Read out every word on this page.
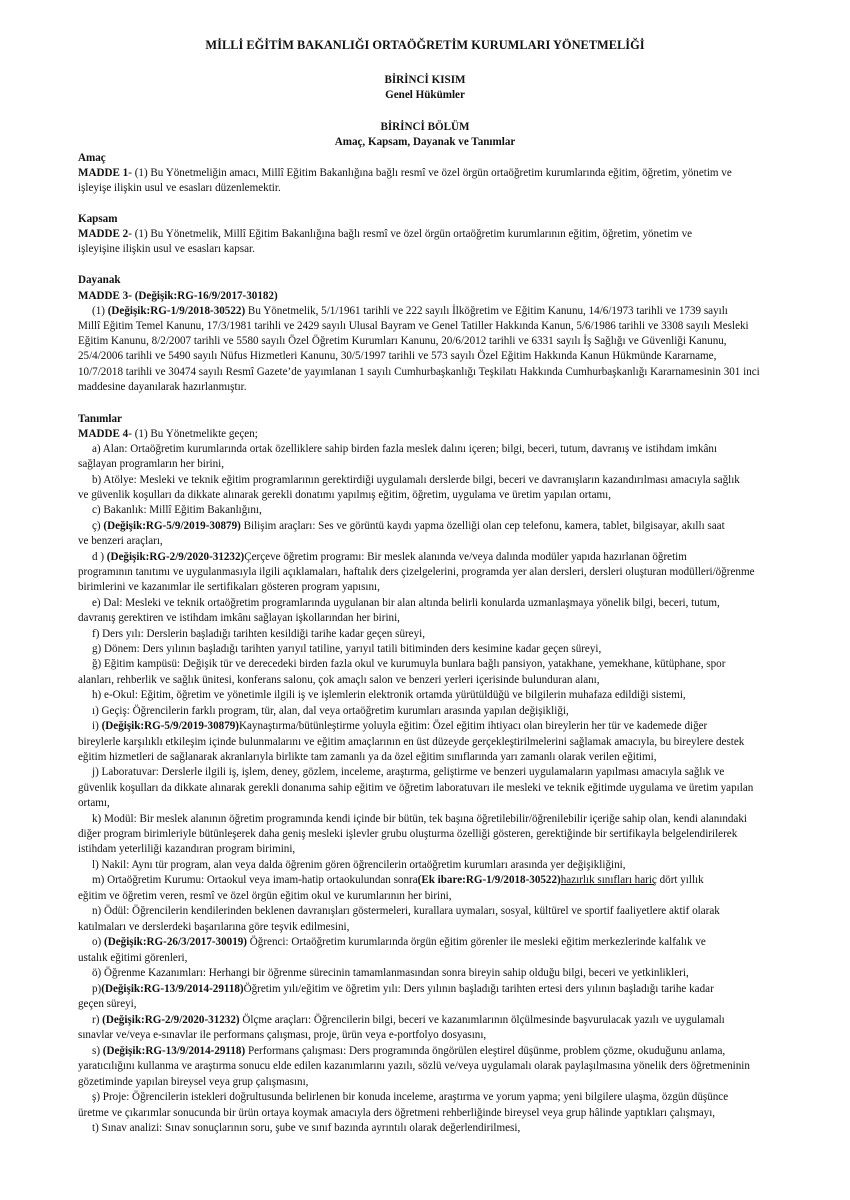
MİLLİ EĞİTİM BAKANLIĞI ORTAÖĞRETİM KURUMLARI YÖNETMELİĞİ
BİRİNCİ KISIM
Genel Hükümler
BİRİNCİ BÖLÜM
Amaç, Kapsam, Dayanak ve Tanımlar
Amaç
MADDE 1- (1) Bu Yönetmeliğin amacı, Millî Eğitim Bakanlığına bağlı resmî ve özel örgün ortaöğretim kurumlarında eğitim, öğretim, yönetim ve
işleyişe ilişkin usul ve esasları düzenlemektir.
Kapsam
MADDE 2- (1) Bu Yönetmelik, Millî Eğitim Bakanlığına bağlı resmî ve özel örgün ortaöğretim kurumlarının eğitim, öğretim, yönetim ve
işleyişine ilişkin usul ve esasları kapsar.
Dayanak
MADDE 3- (Değişik:RG-16/9/2017-30182)
(1) (Değişik:RG-1/9/2018-30522) Bu Yönetmelik, 5/1/1961 tarihli ve 222 sayılı İlköğretim ve Eğitim Kanunu, 14/6/1973 tarihli ve 1739 sayılı
Millî Eğitim Temel Kanunu, 17/3/1981 tarihli ve 2429 sayılı Ulusal Bayram ve Genel Tatiller Hakkında Kanun, 5/6/1986 tarihli ve 3308 sayılı Mesleki
Eğitim Kanunu, 8/2/2007 tarihli ve 5580 sayılı Özel Öğretim Kurumları Kanunu, 20/6/2012 tarihli ve 6331 sayılı İş Sağlığı ve Güvenliği Kanunu,
25/4/2006 tarihli ve 5490 sayılı Nüfus Hizmetleri Kanunu, 30/5/1997 tarihli ve 573 sayılı Özel Eğitim Hakkında Kanun Hükmünde Kararname,
10/7/2018 tarihli ve 30474 sayılı Resmî Gazete’de yayımlanan 1 sayılı Cumhurbaşkanlığı Teşkilatı Hakkında Cumhurbaşkanlığı Kararnamesinin 301 inci
maddesine dayanılarak hazırlanmıştır.
Tanımlar
MADDE 4- (1) Bu Yönetmelikte geçen;
a) Alan: Ortaöğretim kurumlarında ortak özelliklere sahip birden fazla meslek dalını içeren; bilgi, beceri, tutum, davranış ve istihdam imkânı
sağlayan programların her birini,
b) Atölye: Mesleki ve teknik eğitim programlarının gerektirdiği uygulamalı derslerde bilgi, beceri ve davranışların kazandırılması amacıyla sağlık
ve güvenlik koşulları da dikkate alınarak gerekli donatımı yapılmış eğitim, öğretim, uygulama ve üretim yapılan ortamı,
c) Bakanlık: Millî Eğitim Bakanlığını,
ç) (Değişik:RG-5/9/2019-30879) Bilişim araçları: Ses ve görüntü kaydı yapma özelliği olan cep telefonu, kamera, tablet, bilgisayar, akıllı saat
ve benzeri araçları,
d ) (Değişik:RG-2/9/2020-31232)Çerçeve öğretim programı: Bir meslek alanında ve/veya dalında modüler yapıda hazırlanan öğretim
programının tanıtımı ve uygulanmasıyla ilgili açıklamaları, haftalık ders çizelgelerini, programda yer alan dersleri, dersleri oluşturan modülleri/öğrenme
birimlerini ve kazanımlar ile sertifikaları gösteren program yapısını,
e) Dal: Mesleki ve teknik ortaöğretim programlarında uygulanan bir alan altında belirli konularda uzmanlaşmaya yönelik bilgi, beceri, tutum,
davranış gerektiren ve istihdam imkânı sağlayan işkollarından her birini,
f) Ders yılı: Derslerin başladığı tarihten kesildiği tarihe kadar geçen süreyi,
g) Dönem: Ders yılının başladığı tarihten yarıyıl tatiline, yarıyıl tatili bitiminden ders kesimine kadar geçen süreyi,
ğ) Eğitim kampüsü: Değişik tür ve derecedeki birden fazla okul ve kurumuyla bunlara bağlı pansiyon, yatakhane, yemekhane, kütüphane, spor
alanları, rehberlik ve sağlık ünitesi, konferans salonu, çok amaçlı salon ve benzeri yerleri içerisinde bulunduran alanı,
h) e-Okul: Eğitim, öğretim ve yönetimle ilgili iş ve işlemlerin elektronik ortamda yürütüldüğü ve bilgilerin muhafaza edildiği sistemi,
ı) Geçiş: Öğrencilerin farklı program, tür, alan, dal veya ortaöğretim kurumları arasında yapılan değişikliği,
i) (Değişik:RG-5/9/2019-30879)Kaynaştırma/bütünleştirme yoluyla eğitim: Özel eğitim ihtiyacı olan bireylerin her tür ve kademede diğer
bireylerle karşılıklı etkileşim içinde bulunmalarını ve eğitim amaçlarının en üst düzeyde gerçekleştirilmelerini sağlamak amacıyla, bu bireylere destek
eğitim hizmetleri de sağlanarak akranlarıyla birlikte tam zamanlı ya da özel eğitim sınıflarında yarı zamanlı olarak verilen eğitimi,
j) Laboratuvar: Derslerle ilgili iş, işlem, deney, gözlem, inceleme, araştırma, geliştirme ve benzeri uygulamaların yapılması amacıyla sağlık ve
güvenlik koşulları da dikkate alınarak gerekli donanıma sahip eğitim ve öğretim laboratuvarı ile mesleki ve teknik eğitimde uygulama ve üretim yapılan
ortamı,
k) Modül: Bir meslek alanının öğretim programında kendi içinde bir bütün, tek başına öğretilebilir/öğrenilebilir içeriğe sahip olan, kendi alanındaki
diğer program birimleriyle bütünleşerek daha geniş mesleki işlevler grubu oluşturma özelliği gösteren, gerektiğinde bir sertifikayla belgelendirilerek
istihdam yeterliliği kazandıran program birimini,
l) Nakil: Aynı tür program, alan veya dalda öğrenim gören öğrencilerin ortaöğretim kurumları arasında yer değişikliğini,
m) Ortaöğretim Kurumu: Ortaokul veya imam-hatip ortaokulundan sonra(Ek ibare:RG-1/9/2018-30522)hazırlık sınıfları hariç dört yıllık
eğitim ve öğretim veren, resmî ve özel örgün eğitim okul ve kurumlarının her birini,
n) Ödül: Öğrencilerin kendilerinden beklenen davranışları göstermeleri, kurallara uymaları, sosyal, kültürel ve sportif faaliyetlere aktif olarak
katılmaları ve derslerdeki başarılarına göre teşvik edilmesini,
o) (Değişik:RG-26/3/2017-30019) Öğrenci: Ortaöğretim kurumlarında örgün eğitim görenler ile mesleki eğitim merkezlerinde kalfalık ve
ustalık eğitimi görenleri,
ö) Öğrenme Kazanımları: Herhangi bir öğrenme sürecinin tamamlanmasından sonra bireyin sahip olduğu bilgi, beceri ve yetkinlikleri,
p)(Değişik:RG-13/9/2014-29118)Öğretim yılı/eğitim ve öğretim yılı: Ders yılının başladığı tarihten ertesi ders yılının başladığı tarihe kadar
geçen süreyi,
r) (Değişik:RG-2/9/2020-31232) Ölçme araçları: Öğrencilerin bilgi, beceri ve kazanımlarının ölçülmesinde başvurulacak yazılı ve uygulamalı
sınavlar ve/veya e-sınavlar ile performans çalışması, proje, ürün veya e-portfolyo dosyasını,
s) (Değişik:RG-13/9/2014-29118) Performans çalışması: Ders programında öngörülen eleştirel düşünme, problem çözme, okuduğunu anlama,
yaratıcılığını kullanma ve araştırma sonucu elde edilen kazanımlarını yazılı, sözlü ve/veya uygulamalı olarak paylaşılmasına yönelik ders öğretmeninin
gözetiminde yapılan bireysel veya grup çalışmasını,
ş) Proje: Öğrencilerin istekleri doğrultusunda belirlenen bir konuda inceleme, araştırma ve yorum yapma; yeni bilgilere ulaşma, özgün düşünce
üretme ve çıkarımlar sonucunda bir ürün ortaya koymak amacıyla ders öğretmeni rehberliğinde bireysel veya grup hâlinde yaptıkları çalışmayı,
t) Sınav analizi: Sınav sonuçlarının soru, şube ve sınıf bazında ayrıntılı olarak değerlendirilmesi,
